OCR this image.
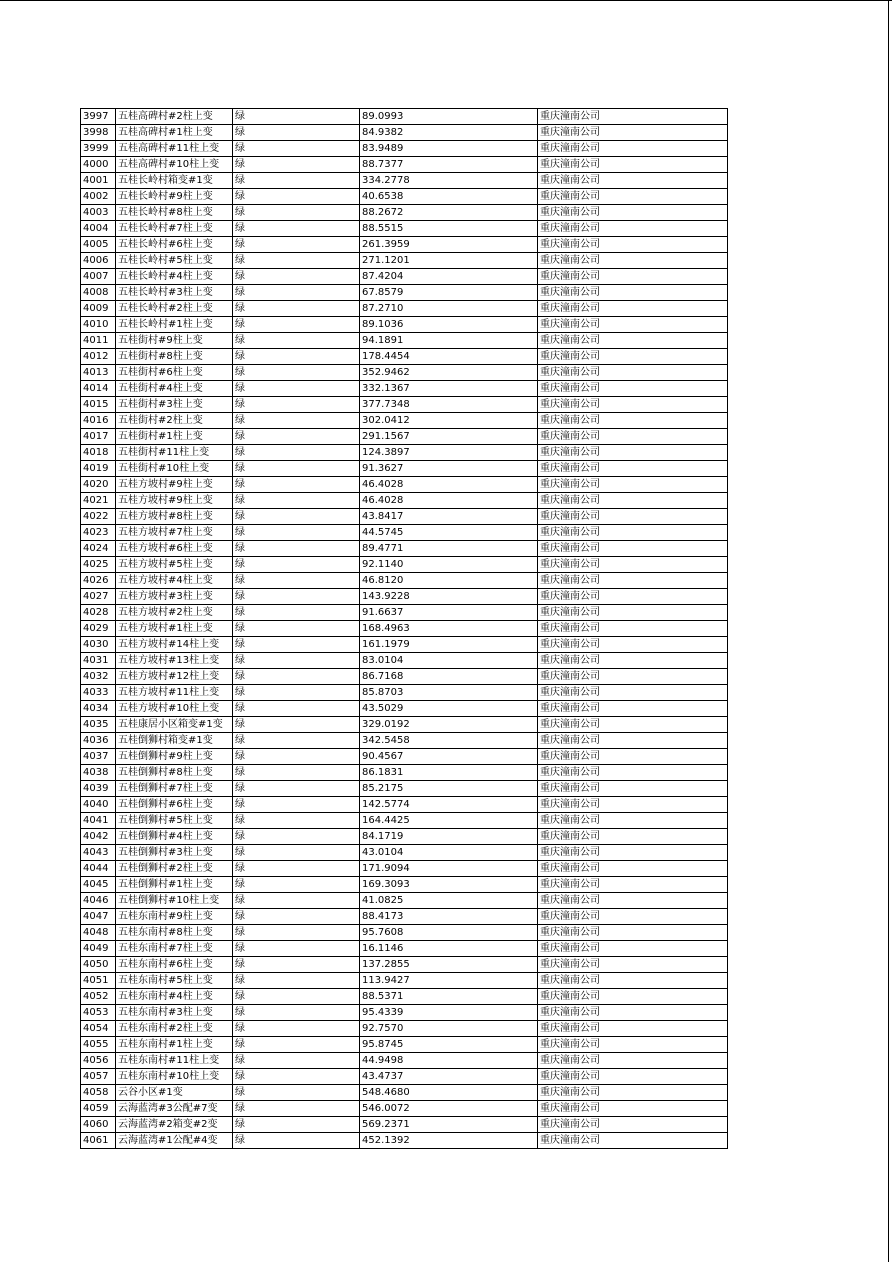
3997	五桂高碑村#2柱上变	绿	89.0993	重庆潼南公司
3998	五桂高碑村#1柱上变	绿	84.9382	重庆潼南公司
3999	五桂高碑村#11柱上变	绿	83.9489	重庆潼南公司
4000	五桂高碑村#10柱上变	绿	88.7377	重庆潼南公司
4001	五桂长岭村箱变#1变	绿	334.2778	重庆潼南公司
4002	五桂长岭村#9柱上变	绿	40.6538	重庆潼南公司
4003	五桂长岭村#8柱上变	绿	88.2672	重庆潼南公司
4004	五桂长岭村#7柱上变	绿	88.5515	重庆潼南公司
4005	五桂长岭村#6柱上变	绿	261.3959	重庆潼南公司
4006	五桂长岭村#5柱上变	绿	271.1201	重庆潼南公司
4007	五桂长岭村#4柱上变	绿	87.4204	重庆潼南公司
4008	五桂长岭村#3柱上变	绿	67.8579	重庆潼南公司
4009	五桂长岭村#2柱上变	绿	87.2710	重庆潼南公司
4010	五桂长岭村#1柱上变	绿	89.1036	重庆潼南公司
4011	五桂街村#9柱上变	绿	94.1891	重庆潼南公司
4012	五桂街村#8柱上变	绿	178.4454	重庆潼南公司
4013	五桂街村#6柱上变	绿	352.9462	重庆潼南公司
4014	五桂街村#4柱上变	绿	332.1367	重庆潼南公司
4015	五桂街村#3柱上变	绿	377.7348	重庆潼南公司
4016	五桂街村#2柱上变	绿	302.0412	重庆潼南公司
4017	五桂街村#1柱上变	绿	291.1567	重庆潼南公司
4018	五桂街村#11柱上变	绿	124.3897	重庆潼南公司
4019	五桂街村#10柱上变	绿	91.3627	重庆潼南公司
4020	五桂方坡村#9柱上变	绿	46.4028	重庆潼南公司
4021	五桂方坡村#9柱上变	绿	46.4028	重庆潼南公司
4022	五桂方坡村#8柱上变	绿	43.8417	重庆潼南公司
4023	五桂方坡村#7柱上变	绿	44.5745	重庆潼南公司
4024	五桂方坡村#6柱上变	绿	89.4771	重庆潼南公司
4025	五桂方坡村#5柱上变	绿	92.1140	重庆潼南公司
4026	五桂方坡村#4柱上变	绿	46.8120	重庆潼南公司
4027	五桂方坡村#3柱上变	绿	143.9228	重庆潼南公司
4028	五桂方坡村#2柱上变	绿	91.6637	重庆潼南公司
4029	五桂方坡村#1柱上变	绿	168.4963	重庆潼南公司
4030	五桂方坡村#14柱上变	绿	161.1979	重庆潼南公司
4031	五桂方坡村#13柱上变	绿	83.0104	重庆潼南公司
4032	五桂方坡村#12柱上变	绿	86.7168	重庆潼南公司
4033	五桂方坡村#11柱上变	绿	85.8703	重庆潼南公司
4034	五桂方坡村#10柱上变	绿	43.5029	重庆潼南公司
4035	五桂康居小区箱变#1变	绿	329.0192	重庆潼南公司
4036	五桂倒狮村箱变#1变	绿	342.5458	重庆潼南公司
4037	五桂倒狮村#9柱上变	绿	90.4567	重庆潼南公司
4038	五桂倒狮村#8柱上变	绿	86.1831	重庆潼南公司
4039	五桂倒狮村#7柱上变	绿	85.2175	重庆潼南公司
4040	五桂倒狮村#6柱上变	绿	142.5774	重庆潼南公司
4041	五桂倒狮村#5柱上变	绿	164.4425	重庆潼南公司
4042	五桂倒狮村#4柱上变	绿	84.1719	重庆潼南公司
4043	五桂倒狮村#3柱上变	绿	43.0104	重庆潼南公司
4044	五桂倒狮村#2柱上变	绿	171.9094	重庆潼南公司
4045	五桂倒狮村#1柱上变	绿	169.3093	重庆潼南公司
4046	五桂倒狮村#10柱上变	绿	41.0825	重庆潼南公司
4047	五桂东南村#9柱上变	绿	88.4173	重庆潼南公司
4048	五桂东南村#8柱上变	绿	95.7608	重庆潼南公司
4049	五桂东南村#7柱上变	绿	16.1146	重庆潼南公司
4050	五桂东南村#6柱上变	绿	137.2855	重庆潼南公司
4051	五桂东南村#5柱上变	绿	113.9427	重庆潼南公司
4052	五桂东南村#4柱上变	绿	88.5371	重庆潼南公司
4053	五桂东南村#3柱上变	绿	95.4339	重庆潼南公司
4054	五桂东南村#2柱上变	绿	92.7570	重庆潼南公司
4055	五桂东南村#1柱上变	绿	95.8745	重庆潼南公司
4056	五桂东南村#11柱上变	绿	44.9498	重庆潼南公司
4057	五桂东南村#10柱上变	绿	43.4737	重庆潼南公司
4058	云谷小区#1变	绿	548.4680	重庆潼南公司
4059	云海蓝湾#3公配#7变	绿	546.0072	重庆潼南公司
4060	云海蓝湾#2箱变#2变	绿	569.2371	重庆潼南公司
4061	云海蓝湾#1公配#4变	绿	452.1392	重庆潼南公司
